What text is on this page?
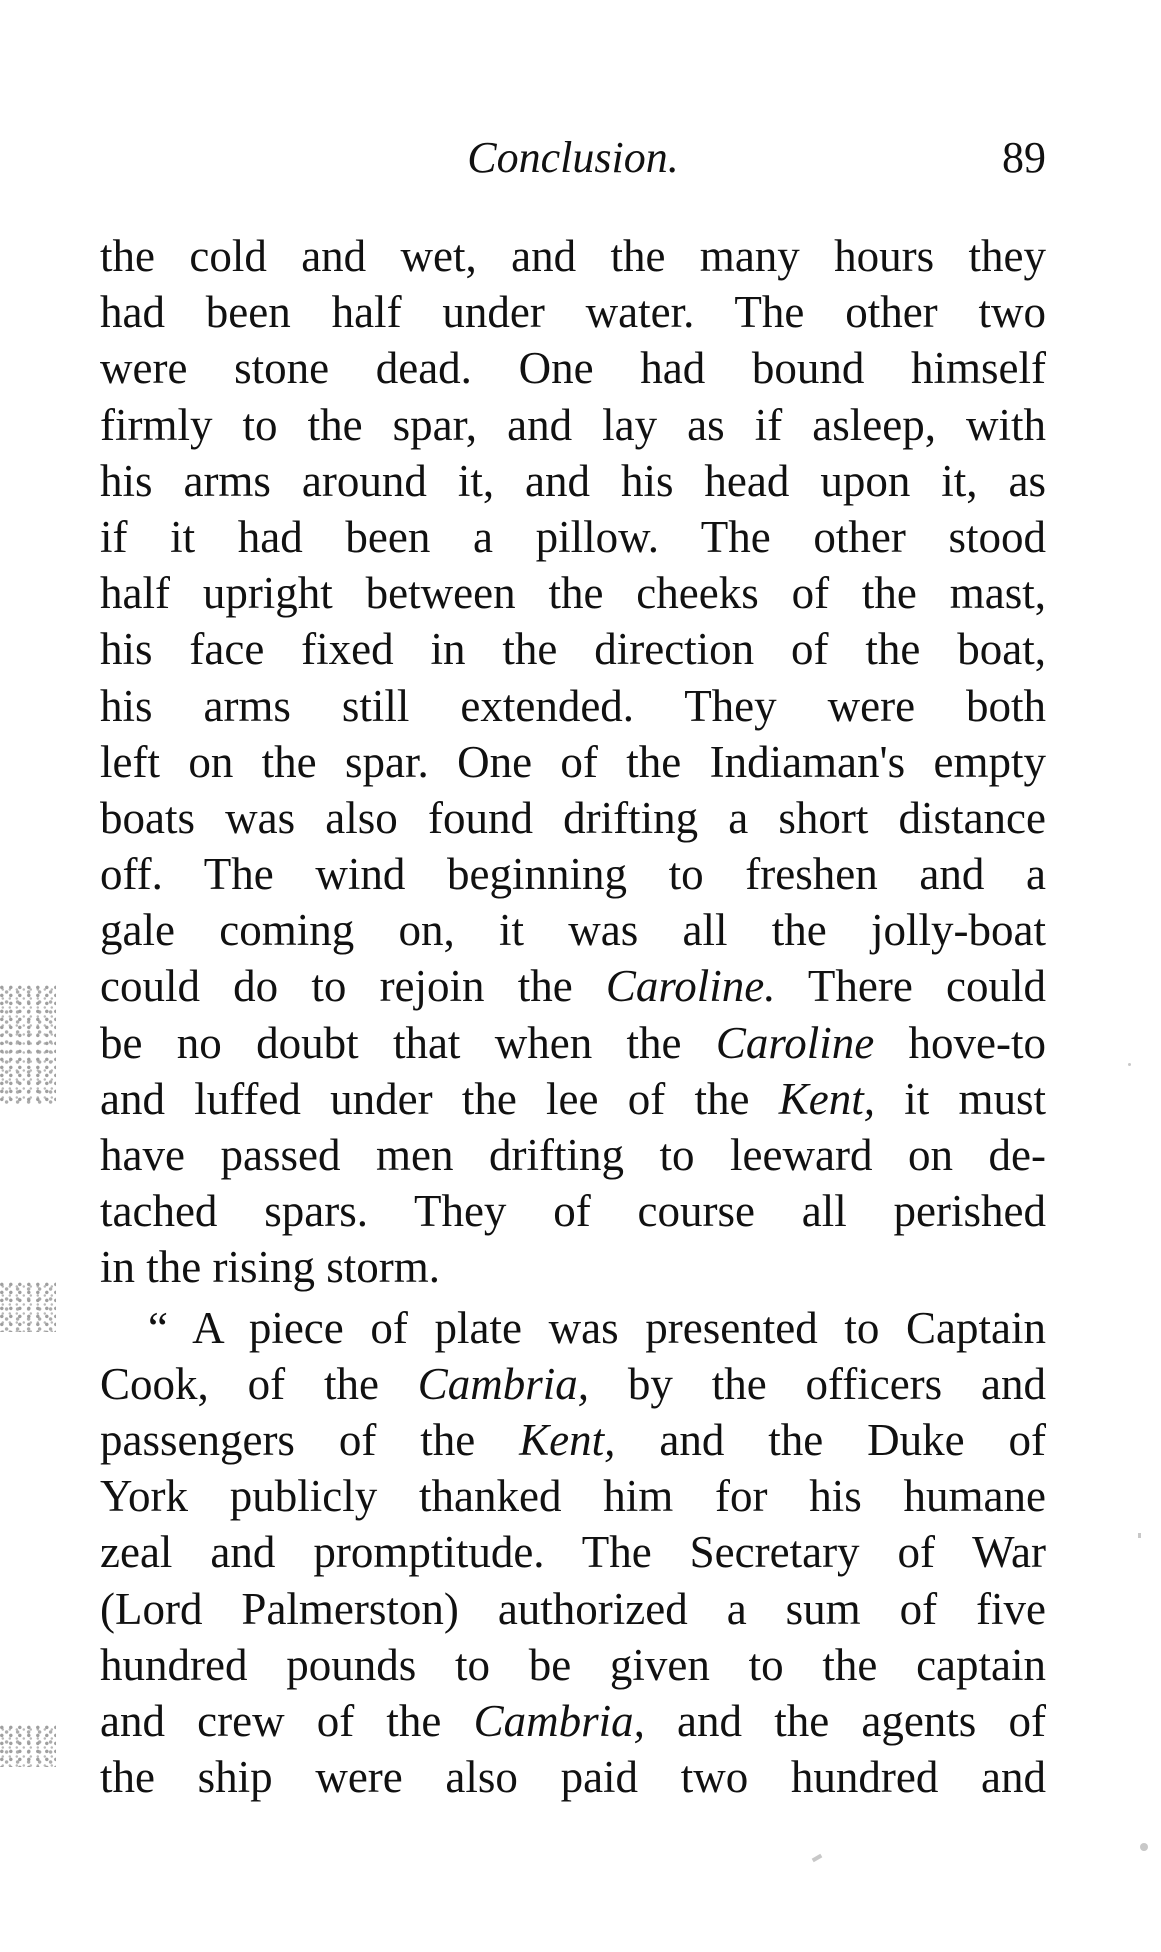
Conclusion.	89
the cold and wet, and the many hours they
had been half under water. The other two
were stone dead. One had bound himself
firmly to the spar, and lay as if asleep, with
his arms around it, and his head upon it, as
if it had been a pillow. The other stood
half upright between the cheeks of the mast,
his face fixed in the direction of the boat,
his arms still extended. They were both
left on the spar. One of the Indiaman's empty
boats was also found drifting a short distance
off. The wind beginning to freshen and a
gale coming on, it was all the jolly-boat
could do to rejoin the Caroline. There could
be no doubt that when the Caroline hove-to
and luffed under the lee of the Kent, it must
have passed men drifting to leeward on de-
tached spars. They of course all perished
in the rising storm.
“ A piece of plate was presented to Captain
Cook, of the Cambria, by the officers and
passengers of the Kent, and the Duke of
York publicly thanked him for his humane
zeal and promptitude. The Secretary of War
(Lord Palmerston) authorized a sum of five
hundred pounds to be given to the captain
and crew of the Cambria, and the agents of
the ship were also paid two hundred and
